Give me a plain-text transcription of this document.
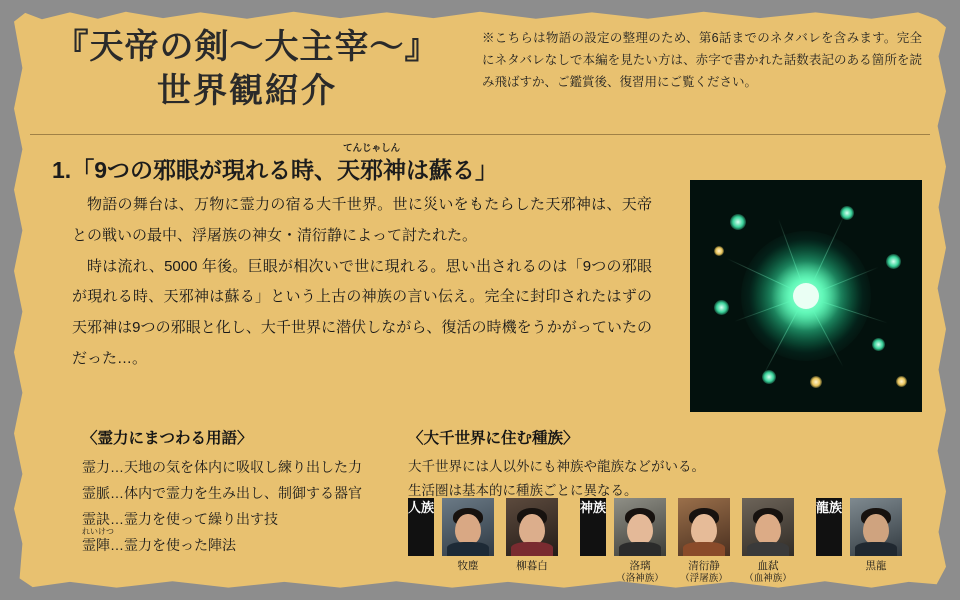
『天帝の剣〜大主宰〜』
世界観紹介
※こちらは物語の設定の整理のため、第6話までのネタバレを含みます。完全にネタバレなしで本編を見たい方は、赤字で書かれた話数表記のある箇所を読み飛ばすか、ご鑑賞後、復習用にご覧ください。
1.「9つの邪眼が現れる時、
てんじゃしん
天邪神は蘇る」

物語の舞台は、万物に霊力の宿る大千世界。世に災いをもたらした天邪神は、天帝との戦いの最中、浮屠族の神女・清衍静によって討たれた。

時は流れ、5000 年後。巨眼が相次いで世に現れる。思い出されるのは「9つの邪眼が現れる時、天邪神は蘇る」という上古の神族の言い伝え。完全に封印されたはずの天邪神は9つの邪眼と化し、大千世界に潜伏しながら、復活の時機をうかがっていたのだった…。

〈霊力にまつわる用語〉
霊力…天地の気を体内に吸収し練り出した力
霊脈…体内で霊力を生み出し、制御する器官
れいけつ
霊訣…霊力を使って繰り出す技
霊陣…霊力を使った陣法
〈大千世界に住む種族〉
大千世界には人以外にも神族や龍族などがいる。
生活圏は基本的に種族ごとに異なる。
人族
牧塵	柳暮白
神族
洛璃
（洛神族）
清衍静
（浮屠族）
血弑
（血神族）
龍族
黒龍
